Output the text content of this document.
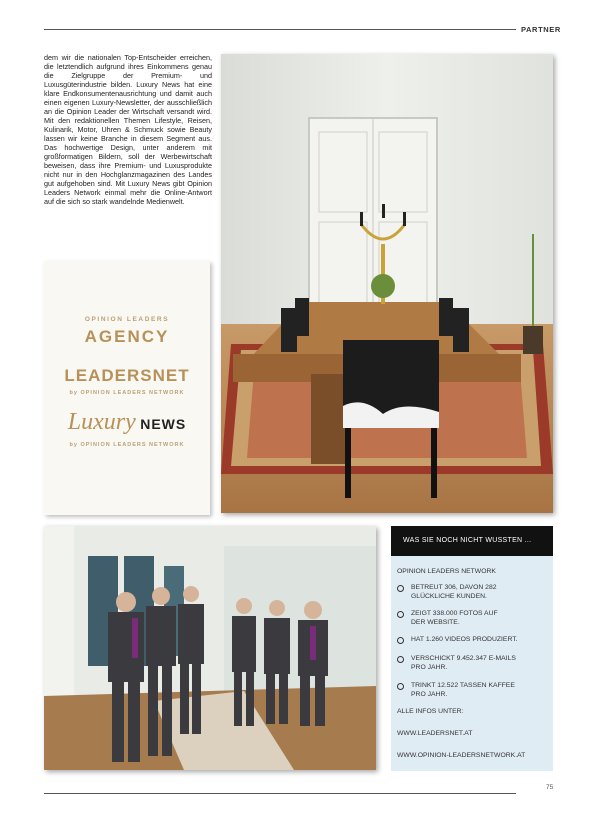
PARTNER
dem wir die nationalen Top-Entscheider erreichen, die letztendlich aufgrund ihres Einkommens genau die Zielgruppe der Premium- und Luxusgüterindustrie bilden. Luxury News hat eine klare Endkonsumentenausrichtung und damit auch einen eigenen Luxury-Newsletter, der ausschließlich an die Opinion Leader der Wirtschaft versandt wird. Mit den redaktionellen Themen Lifestyle, Reisen, Kulinarik, Motor, Uhren & Schmuck sowie Beauty lassen wir keine Branche in diesem Segment aus. Das hochwertige Design, unter anderem mit großformatigen Bildern, soll der Werbewirtschaft beweisen, dass ihre Premium- und Luxusprodukte nicht nur in den Hochglanzmagazinen des Landes gut aufgehoben sind. Mit Luxury News gibt Opinion Leaders Network einmal mehr die Online-Antwort auf die sich so stark wandelnde Medienwelt.
OPINION LEADERS
AGENCY
LEADERSNET
by OPINION LEADERS NETWORK
Luxury NEWS
by OPINION LEADERS NETWORK
WAS SIE NOCH NICHT WUSSTEN ...
OPINION LEADERS NETWORK
BETREUT 306, DAVON 282
GLÜCKLICHE KUNDEN.
ZEIGT 338.000 FOTOS AUF
DER WEBSITE.
HAT 1.260 VIDEOS PRODUZIERT.
VERSCHICKT 9.452.347 E-MAILS
PRO JAHR.
TRINKT 12.522 TASSEN KAFFEE
PRO JAHR.
ALLE INFOS UNTER:
WWW.LEADERSNET.AT
WWW.OPINION-LEADERSNETWORK.AT
75
